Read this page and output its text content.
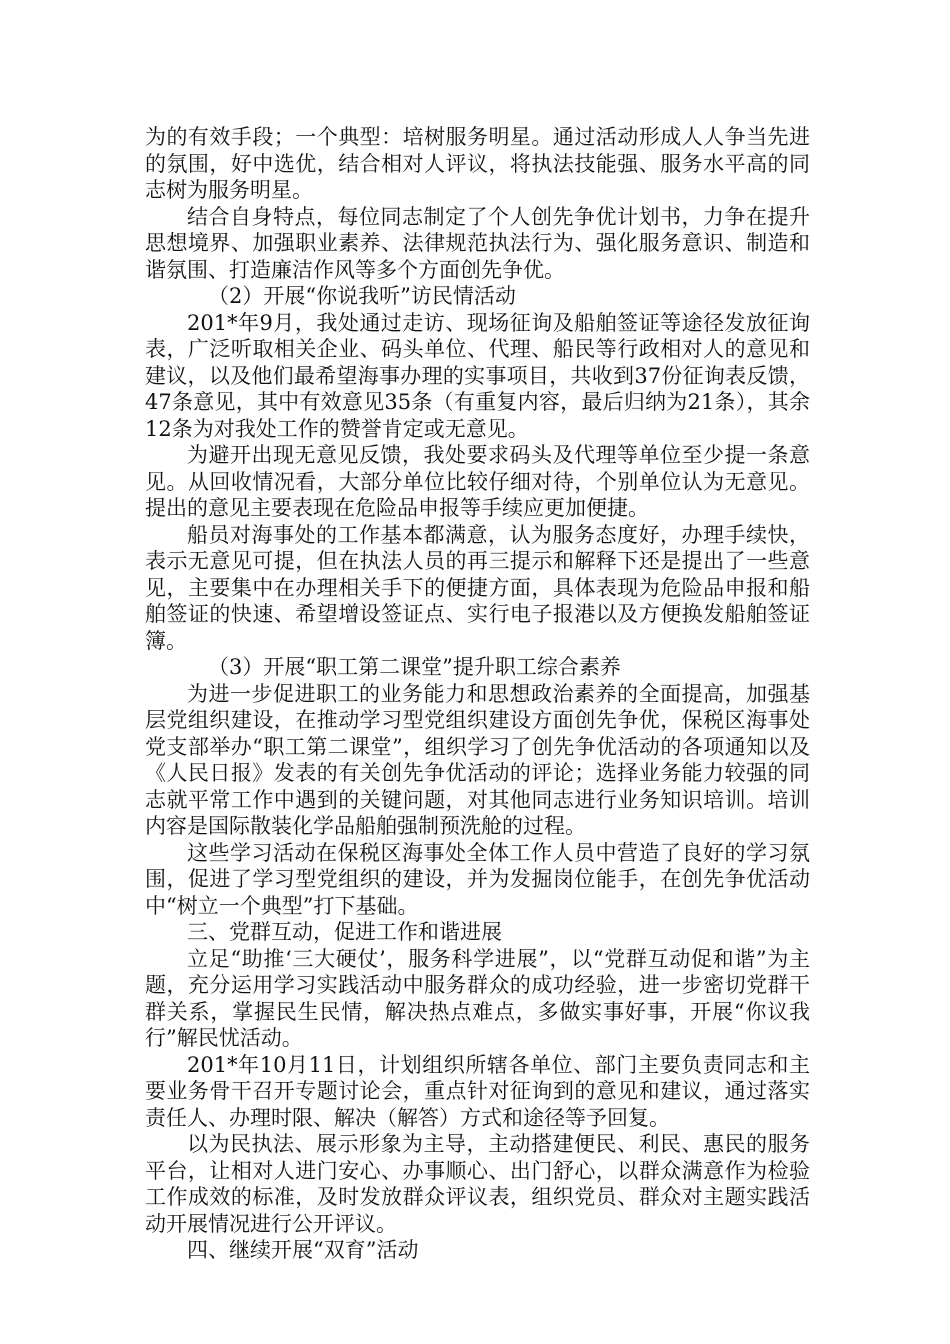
为的有效手段；一个典型：培树服务明星。通过活动形成人人争当先进的氛围，好中选优，结合相对人评议，将执法技能强、服务水平高的同志树为服务明星。

结合自身特点，每位同志制定了个人创先争优计划书，力争在提升思想境界、加强职业素养、法律规范执法行为、强化服务意识、制造和谐氛围、打造廉洁作风等多个方面创先争优。

（2）开展“你说我听”访民情活动

201*年9月，我处通过走访、现场征询及船舶签证等途径发放征询表，广泛听取相关企业、码头单位、代理、船民等行政相对人的意见和建议，以及他们最希望海事办理的实事项目，共收到37份征询表反馈，47条意见，其中有效意见35条（有重复内容，最后归纳为21条），其余12条为对我处工作的赞誉肯定或无意见。

为避开出现无意见反馈，我处要求码头及代理等单位至少提一条意见。从回收情况看，大部分单位比较仔细对待，个别单位认为无意见。提出的意见主要表现在危险品申报等手续应更加便捷。

船员对海事处的工作基本都满意，认为服务态度好，办理手续快，表示无意见可提，但在执法人员的再三提示和解释下还是提出了一些意见，主要集中在办理相关手下的便捷方面，具体表现为危险品申报和船舶签证的快速、希望增设签证点、实行电子报港以及方便换发船舶签证簿。

（3）开展“职工第二课堂”提升职工综合素养

为进一步促进职工的业务能力和思想政治素养的全面提高，加强基层党组织建设，在推动学习型党组织建设方面创先争优，保税区海事处党支部举办“职工第二课堂”，组织学习了创先争优活动的各项通知以及《人民日报》发表的有关创先争优活动的评论；选择业务能力较强的同志就平常工作中遇到的关键问题，对其他同志进行业务知识培训。培训内容是国际散装化学品船舶强制预洗舱的过程。

这些学习活动在保税区海事处全体工作人员中营造了良好的学习氛围，促进了学习型党组织的建设，并为发掘岗位能手，在创先争优活动中“树立一个典型”打下基础。

三、党群互动，促进工作和谐进展

立足“助推‘三大硬仗’，服务科学进展”，以“党群互动促和谐”为主题，充分运用学习实践活动中服务群众的成功经验，进一步密切党群干群关系，掌握民生民情，解决热点难点，多做实事好事，开展“你议我行”解民忧活动。

201*年10月11日，计划组织所辖各单位、部门主要负责同志和主要业务骨干召开专题讨论会，重点针对征询到的意见和建议，通过落实责任人、办理时限、解决（解答）方式和途径等予回复。

以为民执法、展示形象为主导，主动搭建便民、利民、惠民的服务平台，让相对人进门安心、办事顺心、出门舒心，以群众满意作为检验工作成效的标准，及时发放群众评议表，组织党员、群众对主题实践活动开展情况进行公开评议。

四、继续开展“双育”活动
